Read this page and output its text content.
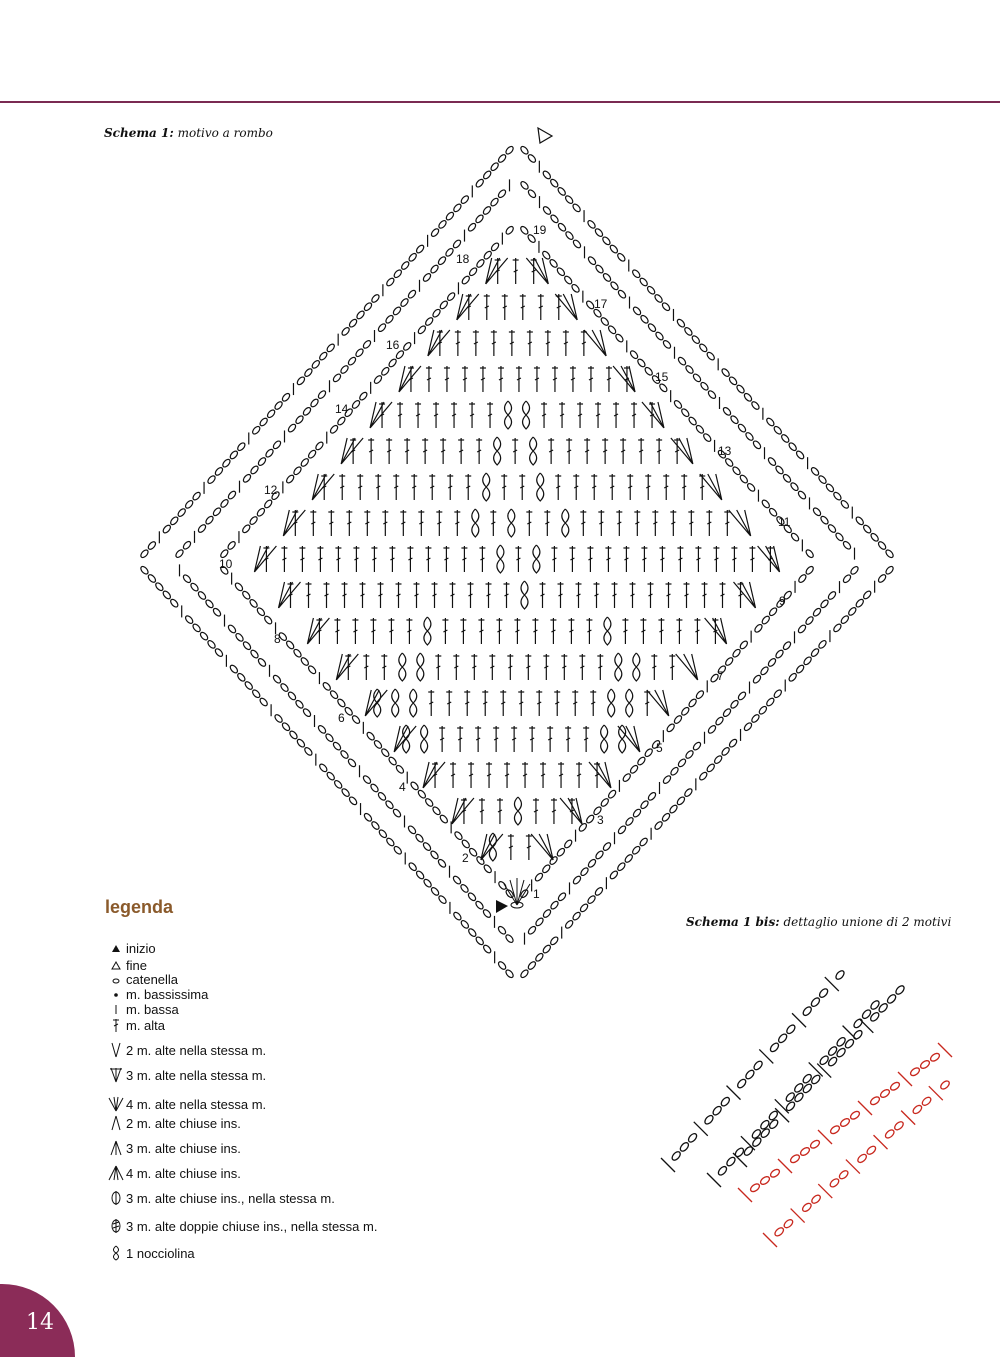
Schema 1: motivo a rombo
Schema 1 bis: dettaglio unione di 2 motivi
1
2
3
4
5
6
7
8
9
10
11
12
13
14
15
16
17
18
19
legenda
inizio
fine
catenella
m. bassissima
m. bassa
m. alta
2 m. alte nella stessa m.
3 m. alte nella stessa m.
4 m. alte nella stessa m.
2 m. alte chiuse ins.
3 m. alte chiuse ins.
4 m. alte chiuse ins.
3 m. alte chiuse ins., nella stessa m.
3 m. alte doppie chiuse ins., nella stessa m.
1 nocciolina
14
